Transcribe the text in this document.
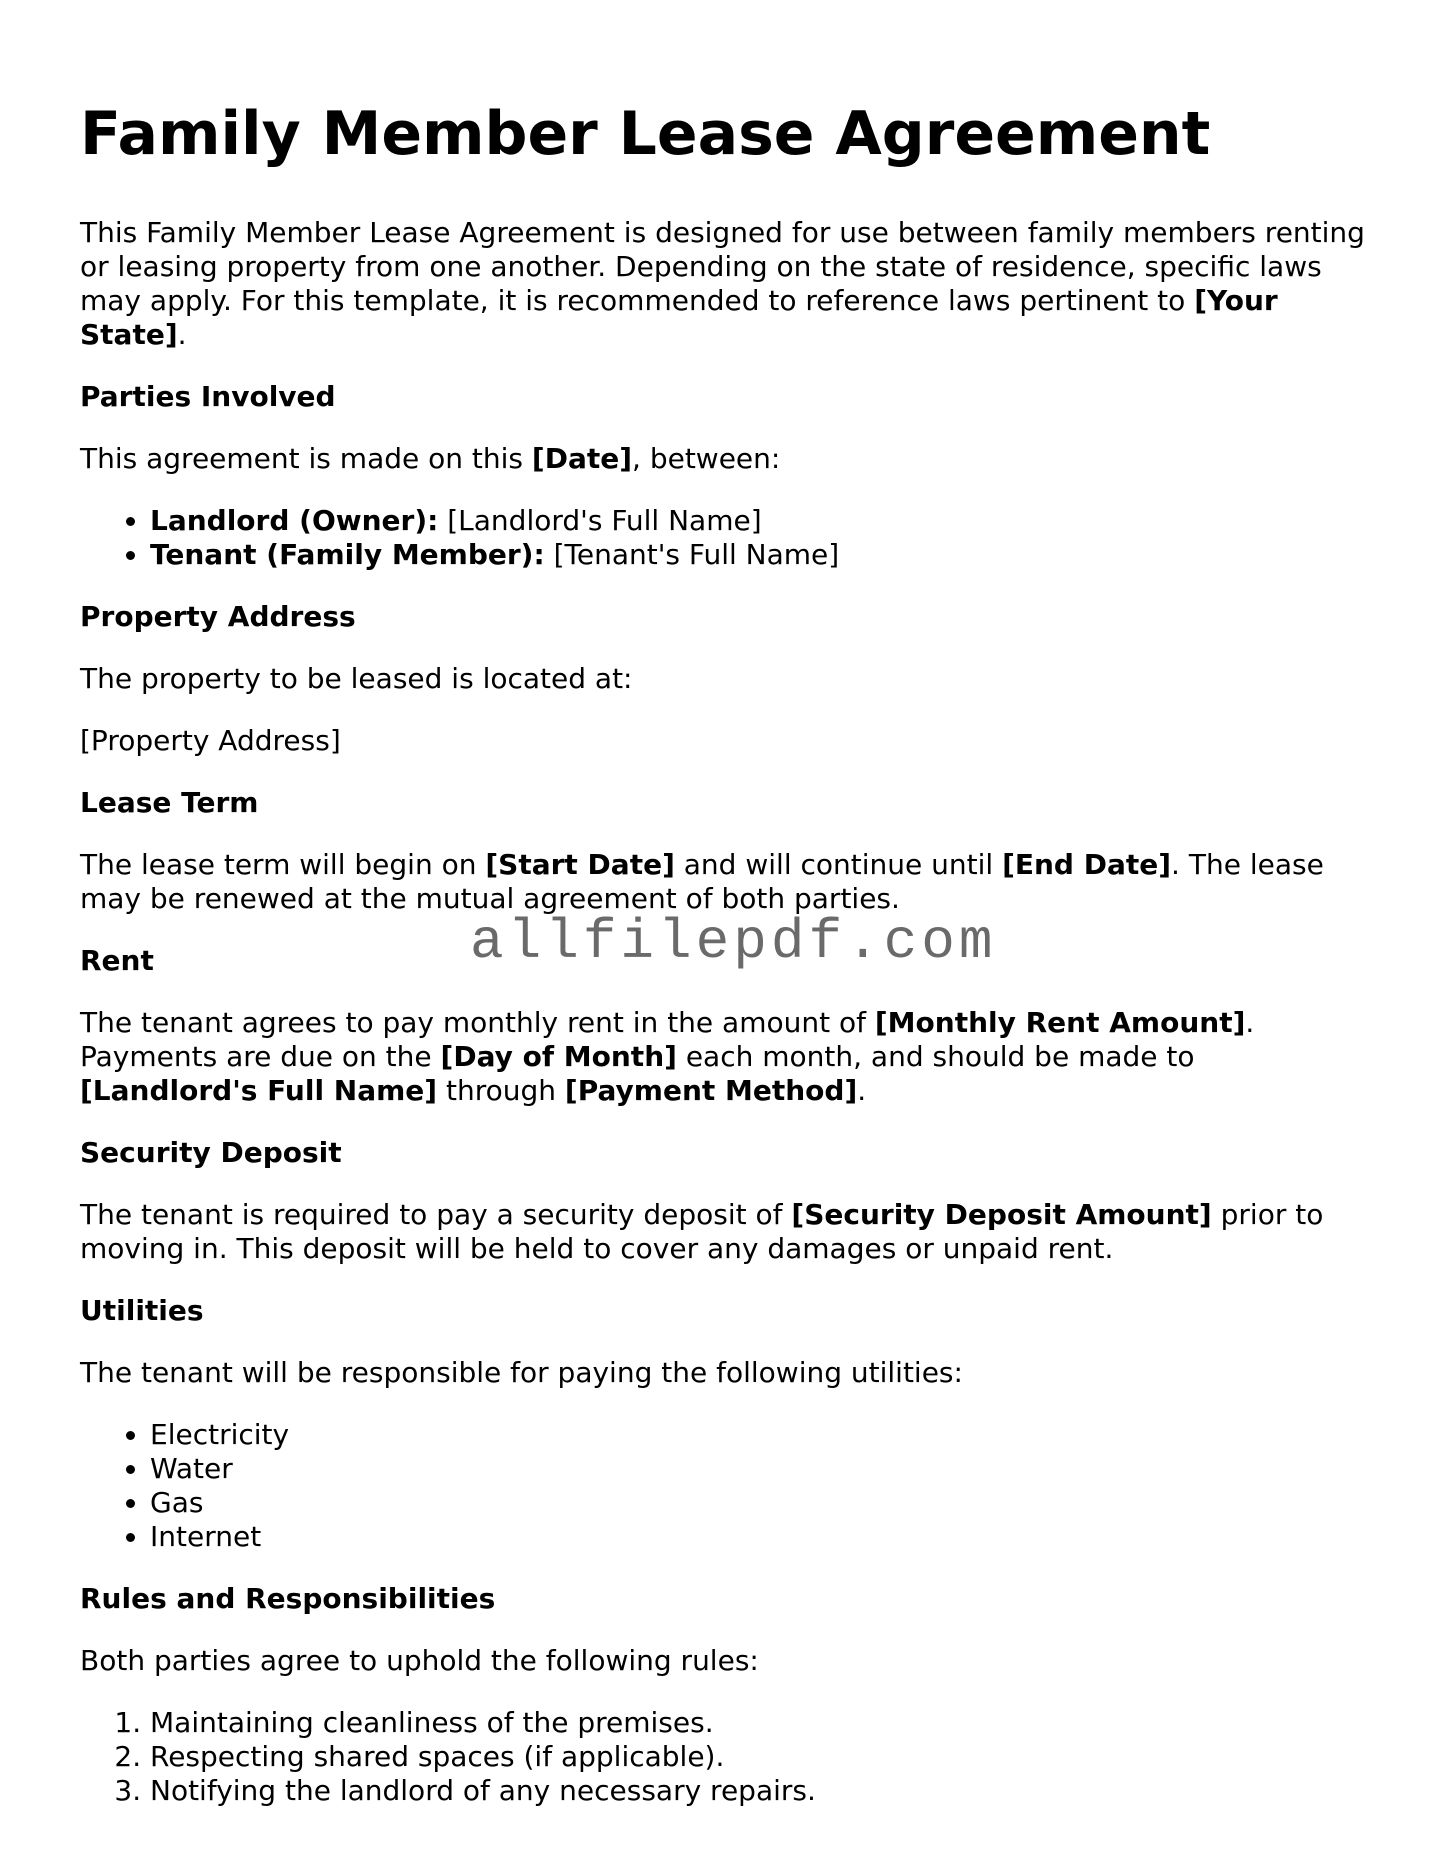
Family Member Lease Agreement

This Family Member Lease Agreement is designed for use between family members renting or leasing property from one another. Depending on the state of residence, specific laws may apply. For this template, it is recommended to reference laws pertinent to [Your State].

Parties Involved

This agreement is made on this [Date], between:

• Landlord (Owner): [Landlord's Full Name]
• Tenant (Family Member): [Tenant's Full Name]
Property Address

The property to be leased is located at:

[Property Address]

Lease Term

The lease term will begin on [Start Date] and will continue until [End Date]. The lease may be renewed at the mutual agreement of both parties.

Rent

The tenant agrees to pay monthly rent in the amount of [Monthly Rent Amount]. Payments are due on the [Day of Month] each month, and should be made to
[Landlord's Full Name] through [Payment Method].

Security Deposit

The tenant is required to pay a security deposit of [Security Deposit Amount] prior to moving in. This deposit will be held to cover any damages or unpaid rent.

Utilities

The tenant will be responsible for paying the following utilities:

• Electricity
• Water
• Gas
• Internet
Rules and Responsibilities

Both parties agree to uphold the following rules:

1. Maintaining cleanliness of the premises.
2. Respecting shared spaces (if applicable).
3. Notifying the landlord of any necessary repairs.
allfilepdf.com
